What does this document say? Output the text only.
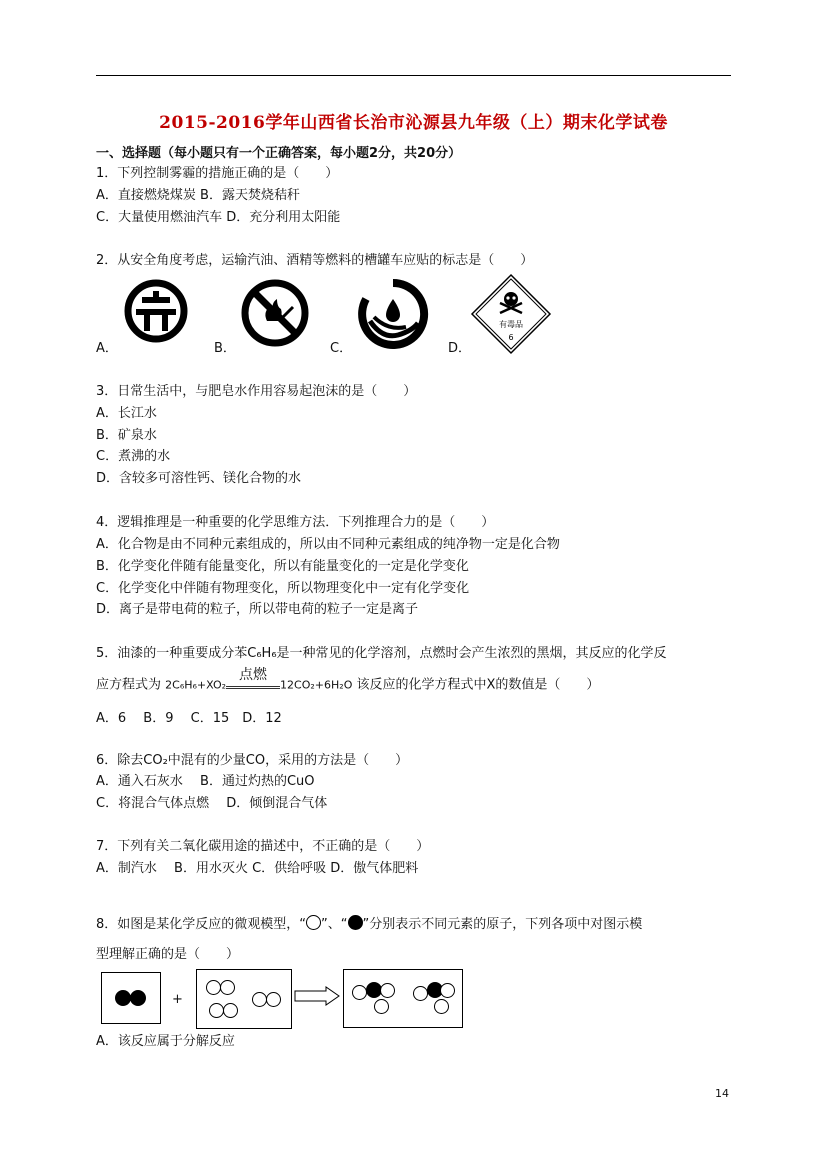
2015-2016学年山西省长治市沁源县九年级（上）期末化学试卷
一、选择题（每小题只有一个正确答案，每小题2分，共20分）
1．下列控制雾霾的措施正确的是（　　）
A．直接燃烧煤炭 B．露天焚烧秸秆
C．大量使用燃油汽车 D．充分利用太阳能
2．从安全角度考虑，运输汽油、酒精等燃料的槽罐车应贴的标志是（　　）
A．	B．	C．	D．
有毒品
6
3．日常生活中，与肥皂水作用容易起泡沫的是（　　）
A．长江水
B．矿泉水
C．煮沸的水
D．含较多可溶性钙、镁化合物的水
4．逻辑推理是一种重要的化学思维方法．下列推理合力的是（　　）
A．化合物是由不同种元素组成的，所以由不同种元素组成的纯净物一定是化合物
B．化学变化伴随有能量变化，所以有能量变化的一定是化学变化
C．化学变化中伴随有物理变化，所以物理变化中一定有化学变化
D．离子是带电荷的粒子，所以带电荷的粒子一定是离子
5．油漆的一种重要成分苯C₆H₆是一种常见的化学溶剂，点燃时会产生浓烈的黑烟，其反应的化学反
应方程式为 2C₆H₆+XO₂
点燃
12CO₂+6H₂O 该反应的化学方程式中X的数值是（　　）
A．6　 B．9　 C．15　D．12
6．除去CO₂中混有的少量CO，采用的方法是（　　）
A．通入石灰水　 B．通过灼热的CuO
C．将混合气体点燃　 D．倾倒混合气体
7．下列有关二氧化碳用途的描述中，不正确的是（　　）
A．制汽水　 B．用水灭火 C．供给呼吸 D．傲气体肥料
8．如图是某化学反应的微观模型，“ ”、“ ”分别表示不同元素的原子，下列各项中对图示模
型理解正确的是（　　）
+
A．该反应属于分解反应
14
